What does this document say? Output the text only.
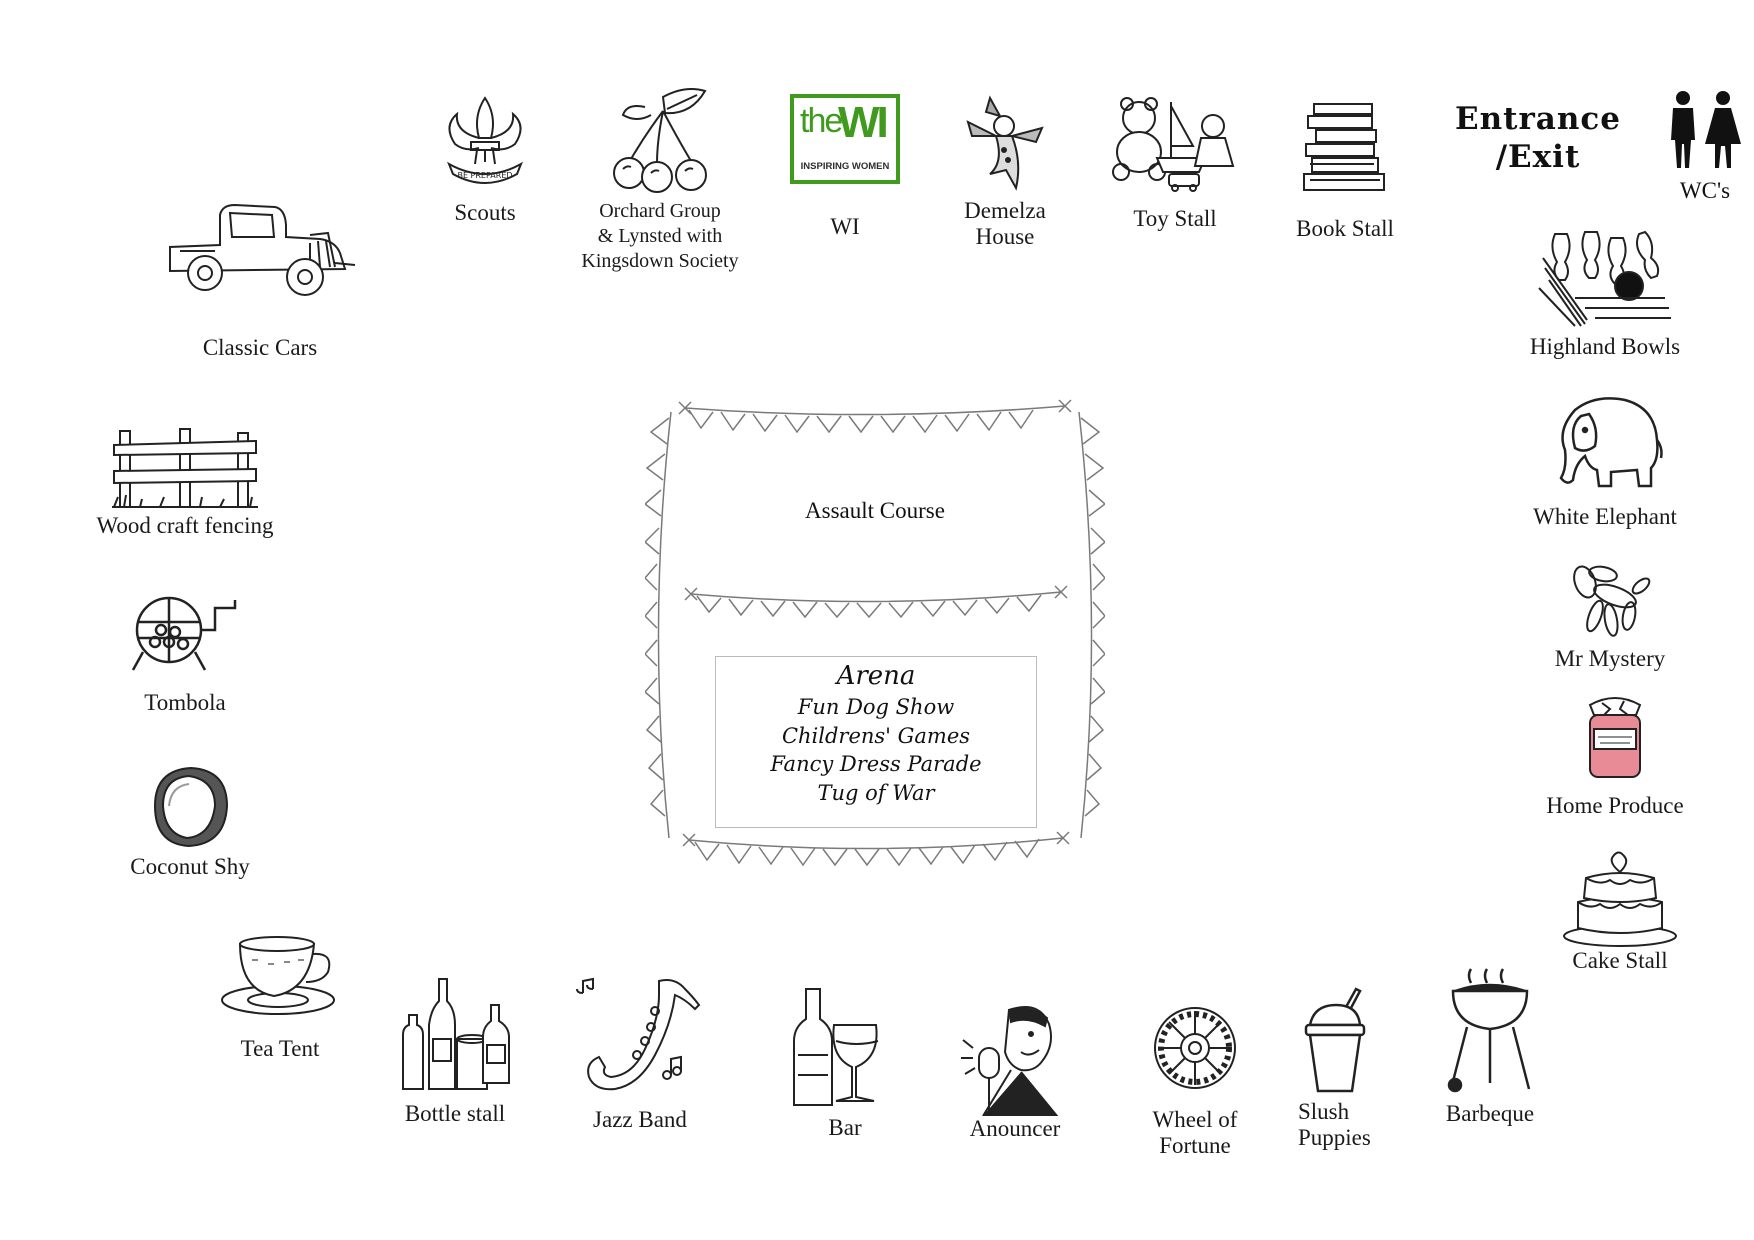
Classic Cars
BE PREPARED
Scouts	Orchard Group
& Lynsted with
Kingsdown Society
the
WI
INSPIRING WOMEN
WI
Demelza
House
Toy Stall	Book Stall
Entrance
/Exit
WC's
Highland Bowls
White Elephant
Mr Mystery
Home Produce
Cake Stall
Wood craft fencing
Tombola
Coconut Shy
Tea Tent
Bottle stall	Jazz Band	Bar	Anouncer	Wheel of
Fortune
Slush
Puppies
Barbeque
Assault Course
Arena
Fun Dog Show
Childrens' Games
Fancy Dress Parade
Tug of War
